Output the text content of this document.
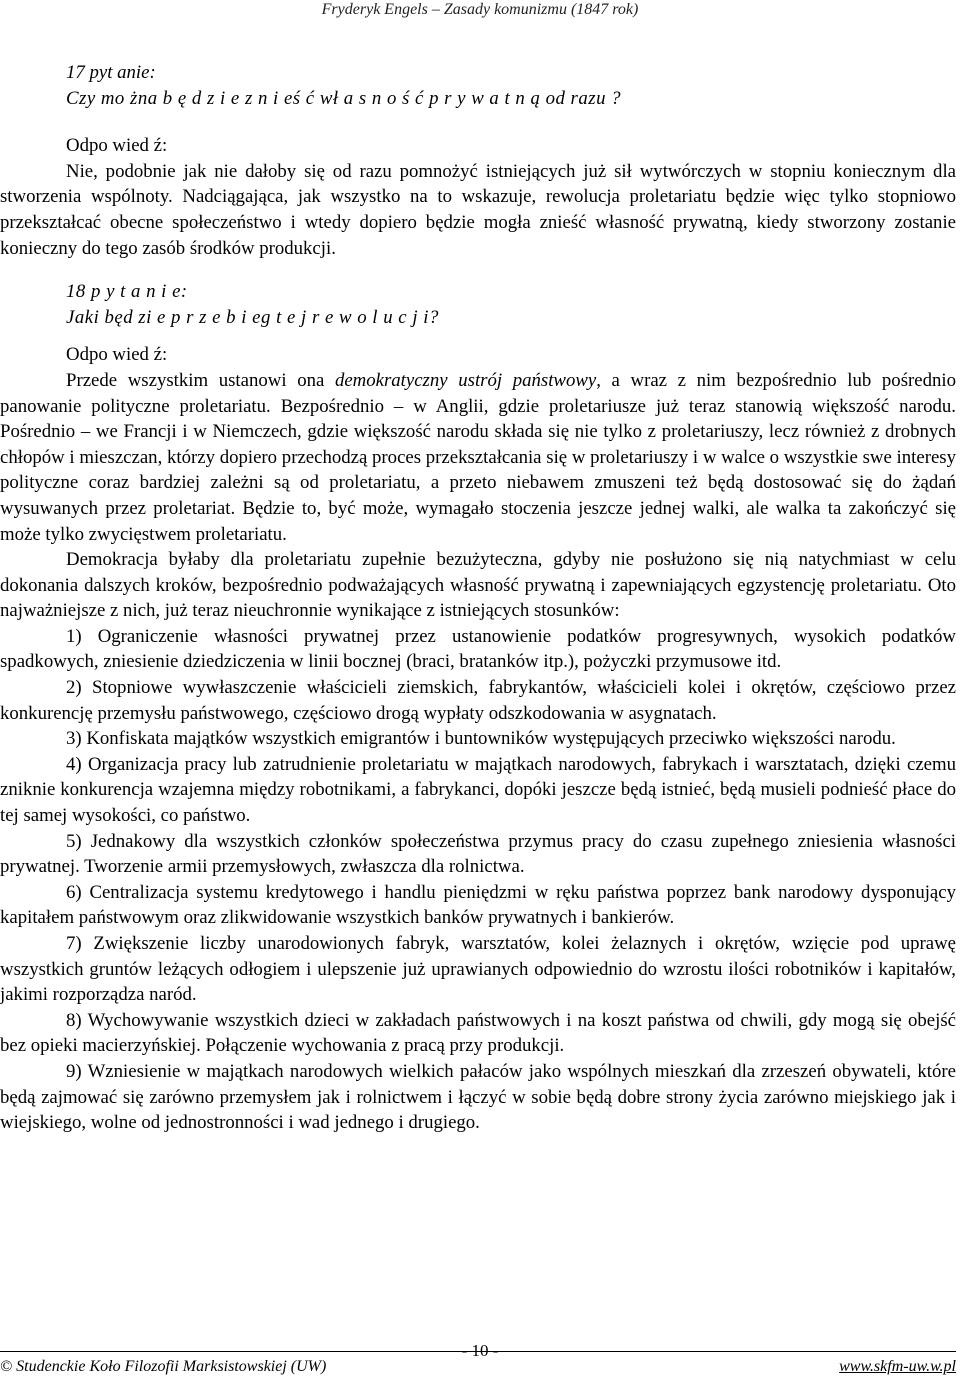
Fryderyk Engels – Zasady komunizmu (1847 rok)
17 pyt anie:
Czy mo żna b ę d z i e z n i eś ć wł a s n o ś ć p r y w a t n ą od razu ?
Odpo wied ź:

Nie, podobnie jak nie dałoby się od razu pomnożyć istniejących już sił wytwórczych w stopniu koniecznym dla stworzenia wspólnoty. Nadciągająca, jak wszystko na to wskazuje, rewolucja proletariatu będzie więc tylko stopniowo przekształcać obecne społeczeństwo i wtedy dopiero będzie mogła znieść własność prywatną, kiedy stworzony zostanie konieczny do tego zasób środków produkcji.

18 p y t a n i e:
Jaki będ zi e p r z e b i eg t e j r e w o l u c j i?
Odpo wied ź:

Przede wszystkim ustanowi ona demokratyczny ustrój państwowy, a wraz z nim bezpośrednio lub pośrednio panowanie polityczne proletariatu. Bezpośrednio – w Anglii, gdzie proletariusze już teraz stanowią większość narodu. Pośrednio – we Francji i w Niemczech, gdzie większość narodu składa się nie tylko z proletariuszy, lecz również z drobnych chłopów i mieszczan, którzy dopiero przechodzą proces przekształcania się w proletariuszy i w walce o wszystkie swe interesy polityczne coraz bardziej zależni są od proletariatu, a przeto niebawem zmuszeni też będą dostosować się do żądań wysuwanych przez proletariat. Będzie to, być może, wymagało stoczenia jeszcze jednej walki, ale walka ta zakończyć się może tylko zwycięstwem proletariatu.

Demokracja byłaby dla proletariatu zupełnie bezużyteczna, gdyby nie posłużono się nią natychmiast w celu dokonania dalszych kroków, bezpośrednio podważających własność prywatną i zapewniających egzystencję proletariatu. Oto najważniejsze z nich, już teraz nieuchronnie wynikające z istniejących stosunków:

1) Ograniczenie własności prywatnej przez ustanowienie podatków progresywnych, wysokich podatków spadkowych, zniesienie dziedziczenia w linii bocznej (braci, bratanków itp.), pożyczki przymusowe itd.

2) Stopniowe wywłaszczenie właścicieli ziemskich, fabrykantów, właścicieli kolei i okrętów, częściowo przez konkurencję przemysłu państwowego, częściowo drogą wypłaty odszkodowania w asygnatach.

3) Konfiskata majątków wszystkich emigrantów i buntowników występujących przeciwko większości narodu.

4) Organizacja pracy lub zatrudnienie proletariatu w majątkach narodowych, fabrykach i warsztatach, dzięki czemu zniknie konkurencja wzajemna między robotnikami, a fabrykanci, dopóki jeszcze będą istnieć, będą musieli podnieść płace do tej samej wysokości, co państwo.

5) Jednakowy dla wszystkich członków społeczeństwa przymus pracy do czasu zupełnego zniesienia własności prywatnej. Tworzenie armii przemysłowych, zwłaszcza dla rolnictwa.

6) Centralizacja systemu kredytowego i handlu pieniędzmi w ręku państwa poprzez bank narodowy dysponujący kapitałem państwowym oraz zlikwidowanie wszystkich banków prywatnych i bankierów.

7) Zwiększenie liczby unarodowionych fabryk, warsztatów, kolei żelaznych i okrętów, wzięcie pod uprawę wszystkich gruntów leżących odłogiem i ulepszenie już uprawianych odpowiednio do wzrostu ilości robotników i kapitałów, jakimi rozporządza naród.

8) Wychowywanie wszystkich dzieci w zakładach państwowych i na koszt państwa od chwili, gdy mogą się obejść bez opieki macierzyńskiej. Połączenie wychowania z pracą przy produkcji.

9) Wzniesienie w majątkach narodowych wielkich pałaców jako wspólnych mieszkań dla zrzeszeń obywateli, które będą zajmować się zarówno przemysłem jak i rolnictwem i łączyć w sobie będą dobre strony życia zarówno miejskiego jak i wiejskiego, wolne od jednostronności i wad jednego i drugiego.

- 10 -
© Studenckie Koło Filozofii Marksistowskiej (UW)	www.skfm-uw.w.pl
